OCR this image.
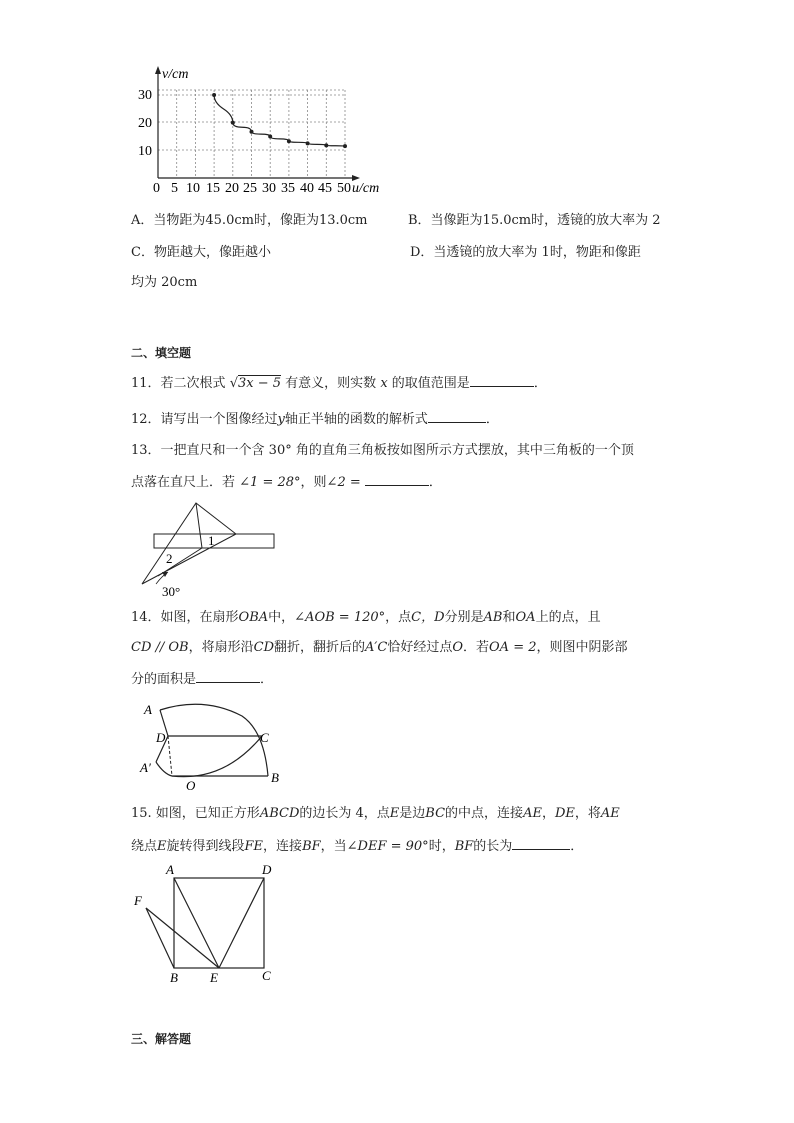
v/cm
30
20
10
0 5 10 15 20 25 30 35 40 45 50 u/cm
A．当物距为45.0cm时，像距为13.0cm	B．当像距为15.0cm时，透镜的放大率为 2
C．物距越大，像距越小	D．当透镜的放大率为 1时，物距和像距
均为 20cm
二、填空题
11．若二次根式 √3x − 5 有意义，则实数 x 的取值范围是	．
12．请写出一个图像经过y轴正半轴的函数的解析式	．
13．一把直尺和一个含 30° 角的直角三角板按如图所示方式摆放，其中三角板的一个顶
点落在直尺上．若 ∠1 = 28°，则∠2 =	．
1
2
30°
14．如图，在扇形OBA中，∠AOB = 120°，点C，D分别是AB和OA上的点，且
CD // OB，将扇形沿CD翻折，翻折后的A′C恰好经过点O．若OA = 2，则图中阴影部
分的面积是	．
A
D	C
A′
O
B
15. 如图，已知正方形ABCD的边长为 4，点E是边BC的中点，连接AE，DE，将AE
绕点E旋转得到线段FE，连接BF，当∠DEF = 90°时，BF的长为	．
A	D
F
B E	C
三、解答题
